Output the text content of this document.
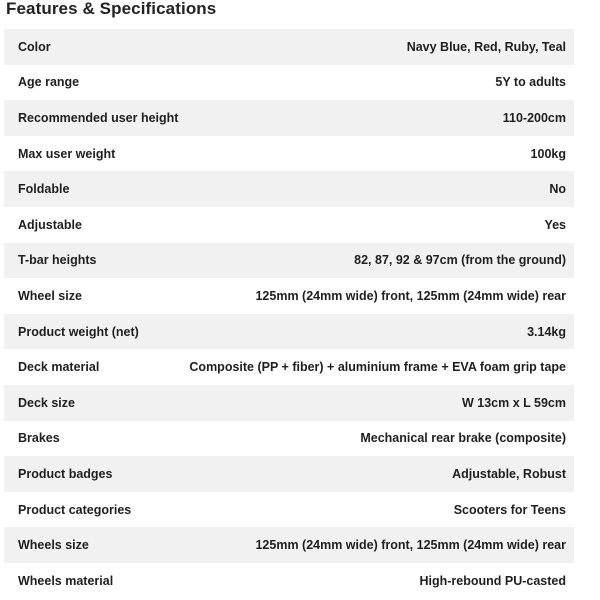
Features & Specifications
Color	Navy Blue, Red, Ruby, Teal
Age range	5Y to adults
Recommended user height	110-200cm
Max user weight	100kg
Foldable	No
Adjustable	Yes
T-bar heights	82, 87, 92 & 97cm (from the ground)
Wheel size	125mm (24mm wide) front, 125mm (24mm wide) rear
Product weight (net)	3.14kg
Deck material	Composite (PP + fiber) + aluminium frame + EVA foam grip tape
Deck size	W 13cm x L 59cm
Brakes	Mechanical rear brake (composite)
Product badges	Adjustable, Robust
Product categories	Scooters for Teens
Wheels size	125mm (24mm wide) front, 125mm (24mm wide) rear
Wheels material	High-rebound PU-casted
